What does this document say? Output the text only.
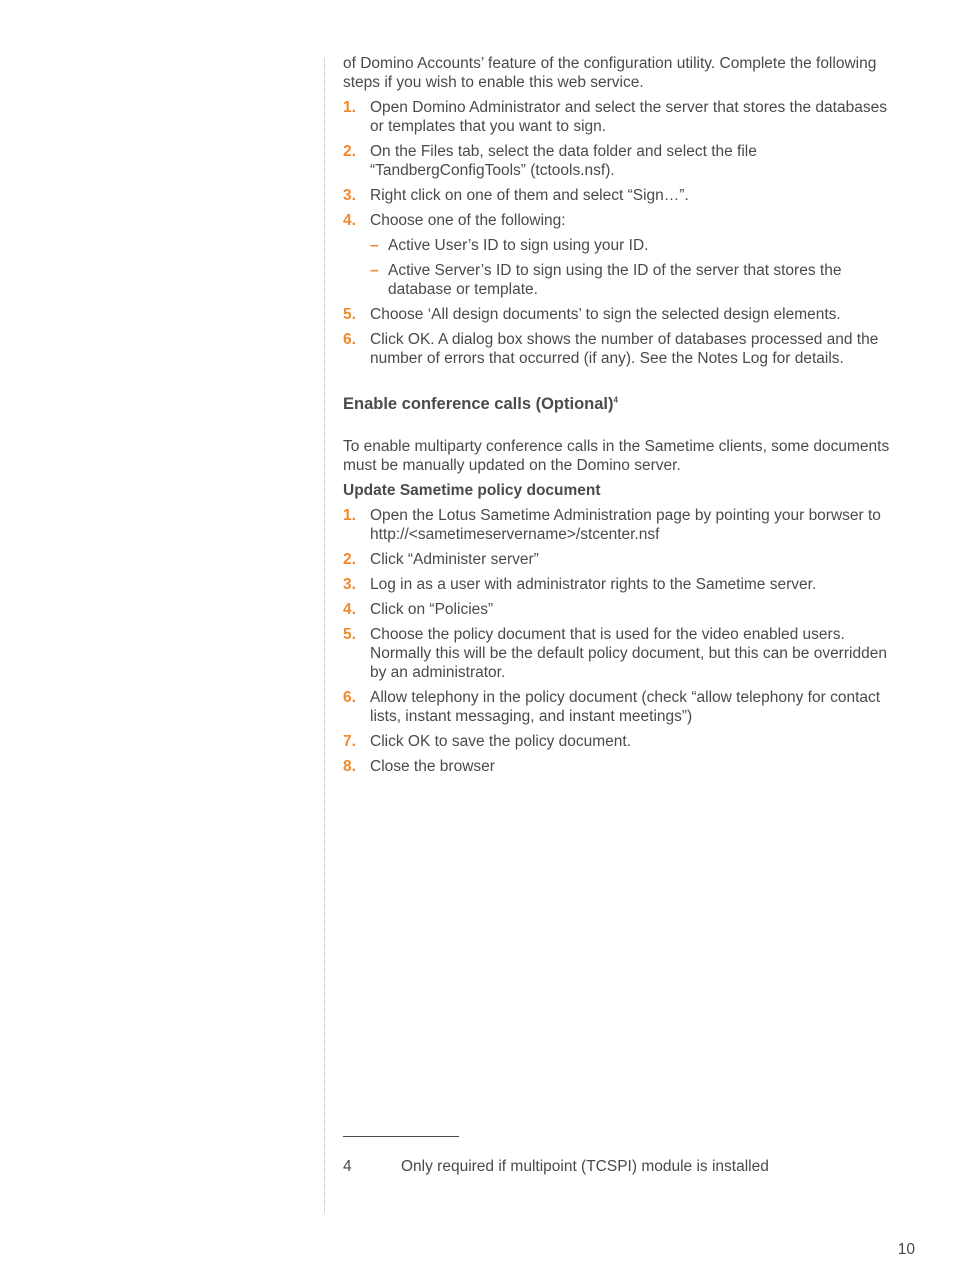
of Domino Accounts’ feature of the configuration utility. Complete the following steps if you wish to enable this web service.

1. Open Domino Administrator and select the server that stores the databases or templates that you want to sign.
2. On the Files tab, select the data folder and select the file “TandbergConfigTools” (tctools.nsf).
3. Right click on one of them and select “Sign…”.
4. Choose one of the following:
– Active User’s ID to sign using your ID.
– Active Server’s ID to sign using the ID of the server that stores the database or template.
5. Choose ‘All design documents’ to sign the selected design elements.
6. Click OK. A dialog box shows the number of databases processed and the number of errors that occurred (if any). See the Notes Log for details.
Enable conference calls (Optional)$^4$

To enable multiparty conference calls in the Sametime clients, some documents must be manually updated on the Domino server.

Update Sametime policy document
1. Open the Lotus Sametime Administration page by pointing your borwser to http://<sametimeservername>/stcenter.nsf
2. Click “Administer server”
3. Log in as a user with administrator rights to the Sametime server.
4. Click on “Policies”
5. Choose the policy document that is used for the video enabled users. Normally this will be the default policy document, but this can be overridden by an administrator.
6. Allow telephony in the policy document (check “allow telephony for contact lists, instant messaging, and instant meetings”)
7. Click OK to save the policy document.
8. Close the browser
4	Only required if multipoint (TCSPI) module is installed
10
